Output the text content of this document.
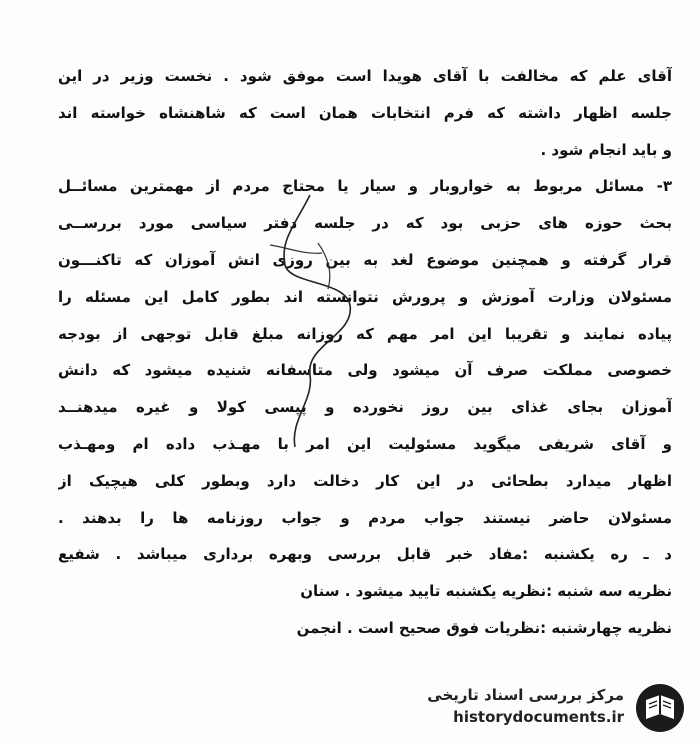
آقای علم که مخالفت با آقای هویدا است موفق شود . نخست وزیر در این
جلسه اظهار داشته که فرم انتخابات همان است که شاهنشاه خواسته اند
و باید انجام شود .
۳- مسائل مربوط به خواروبار و سیار یا محتاج مردم از مهمترین مسائــل
بحث حوزه های حزبی بود که در جلسه دفتر سیاسی مورد بررســی
قرار گرفته و همچنین موضوع لغد به بین روزی انش آموزان که تاکنـــون
مسئولان وزارت آموزش و پرورش نتوانسته اند بطور کامل این مسئله را
پیاده نمایند و تقریبا این امر مهم که روزانه مبلغ قابل توجهی از بودجه
خصوصی مملکت صرف آن میشود ولی متاسفانه شنیده میشود که دانش
آموزان بجای غذای بین روز نخورده و پپسی کولا و غیره میدهنــد
و آقای شریفی میگوید مسئولیت این امر با مهـذب داده ام ومهـذب
اظهار میدارد بطحائی در این کار دخالت دارد وبطور کلی هیچیک از
مسئولان حاضر نیستند جواب مردم و جواب روزنامه ها را بدهند .
د ـ ره یکشنبه :مفاد خبر قابل بررسی وبهره برداری میباشد . شفیع
نظریه سه شنبه :نظریه یکشنبه تایید میشود . سنان
نظریه چهارشنبه :نظریات فوق صحیح است . انجمن
مرکز بررسی اسناد تاریخی
historydocuments.ir
